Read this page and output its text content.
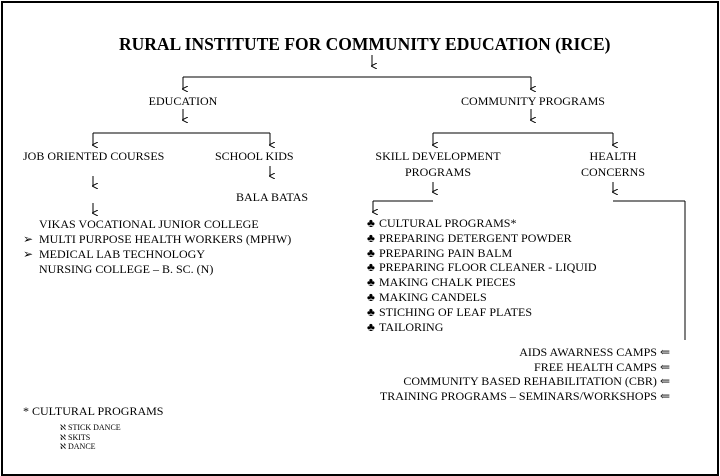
RURAL INSTITUTE FOR COMMUNITY EDUCATION (RICE)
EDUCATION	COMMUNITY PROGRAMS
JOB ORIENTED COURSES	SCHOOL KIDS
BALA BATAS
SKILL DEVELOPMENT
PROGRAMS
HEALTH
CONCERNS
VIKAS VOCATIONAL JUNIOR COLLEGE
➢ MULTI PURPOSE HEALTH WORKERS (MPHW)
➢ MEDICAL LAB TECHNOLOGY
NURSING COLLEGE – B. SC. (N)
♣ CULTURAL PROGRAMS*
♣ PREPARING DETERGENT POWDER
♣ PREPARING PAIN BALM
♣ PREPARING FLOOR CLEANER - LIQUID
♣ MAKING CHALK PIECES
♣ MAKING CANDELS
♣ STICHING OF LEAF PLATES
♣ TAILORING
AIDS AWARNESS CAMPS ⇐
FREE HEALTH CAMPS ⇐
COMMUNITY BASED REHABILITATION (CBR) ⇐
TRAINING PROGRAMS – SEMINARS/WORKSHOPS ⇐
* CULTURAL PROGRAMS
ℵ STICK DANCE
ℵ SKITS
ℵ DANCE
